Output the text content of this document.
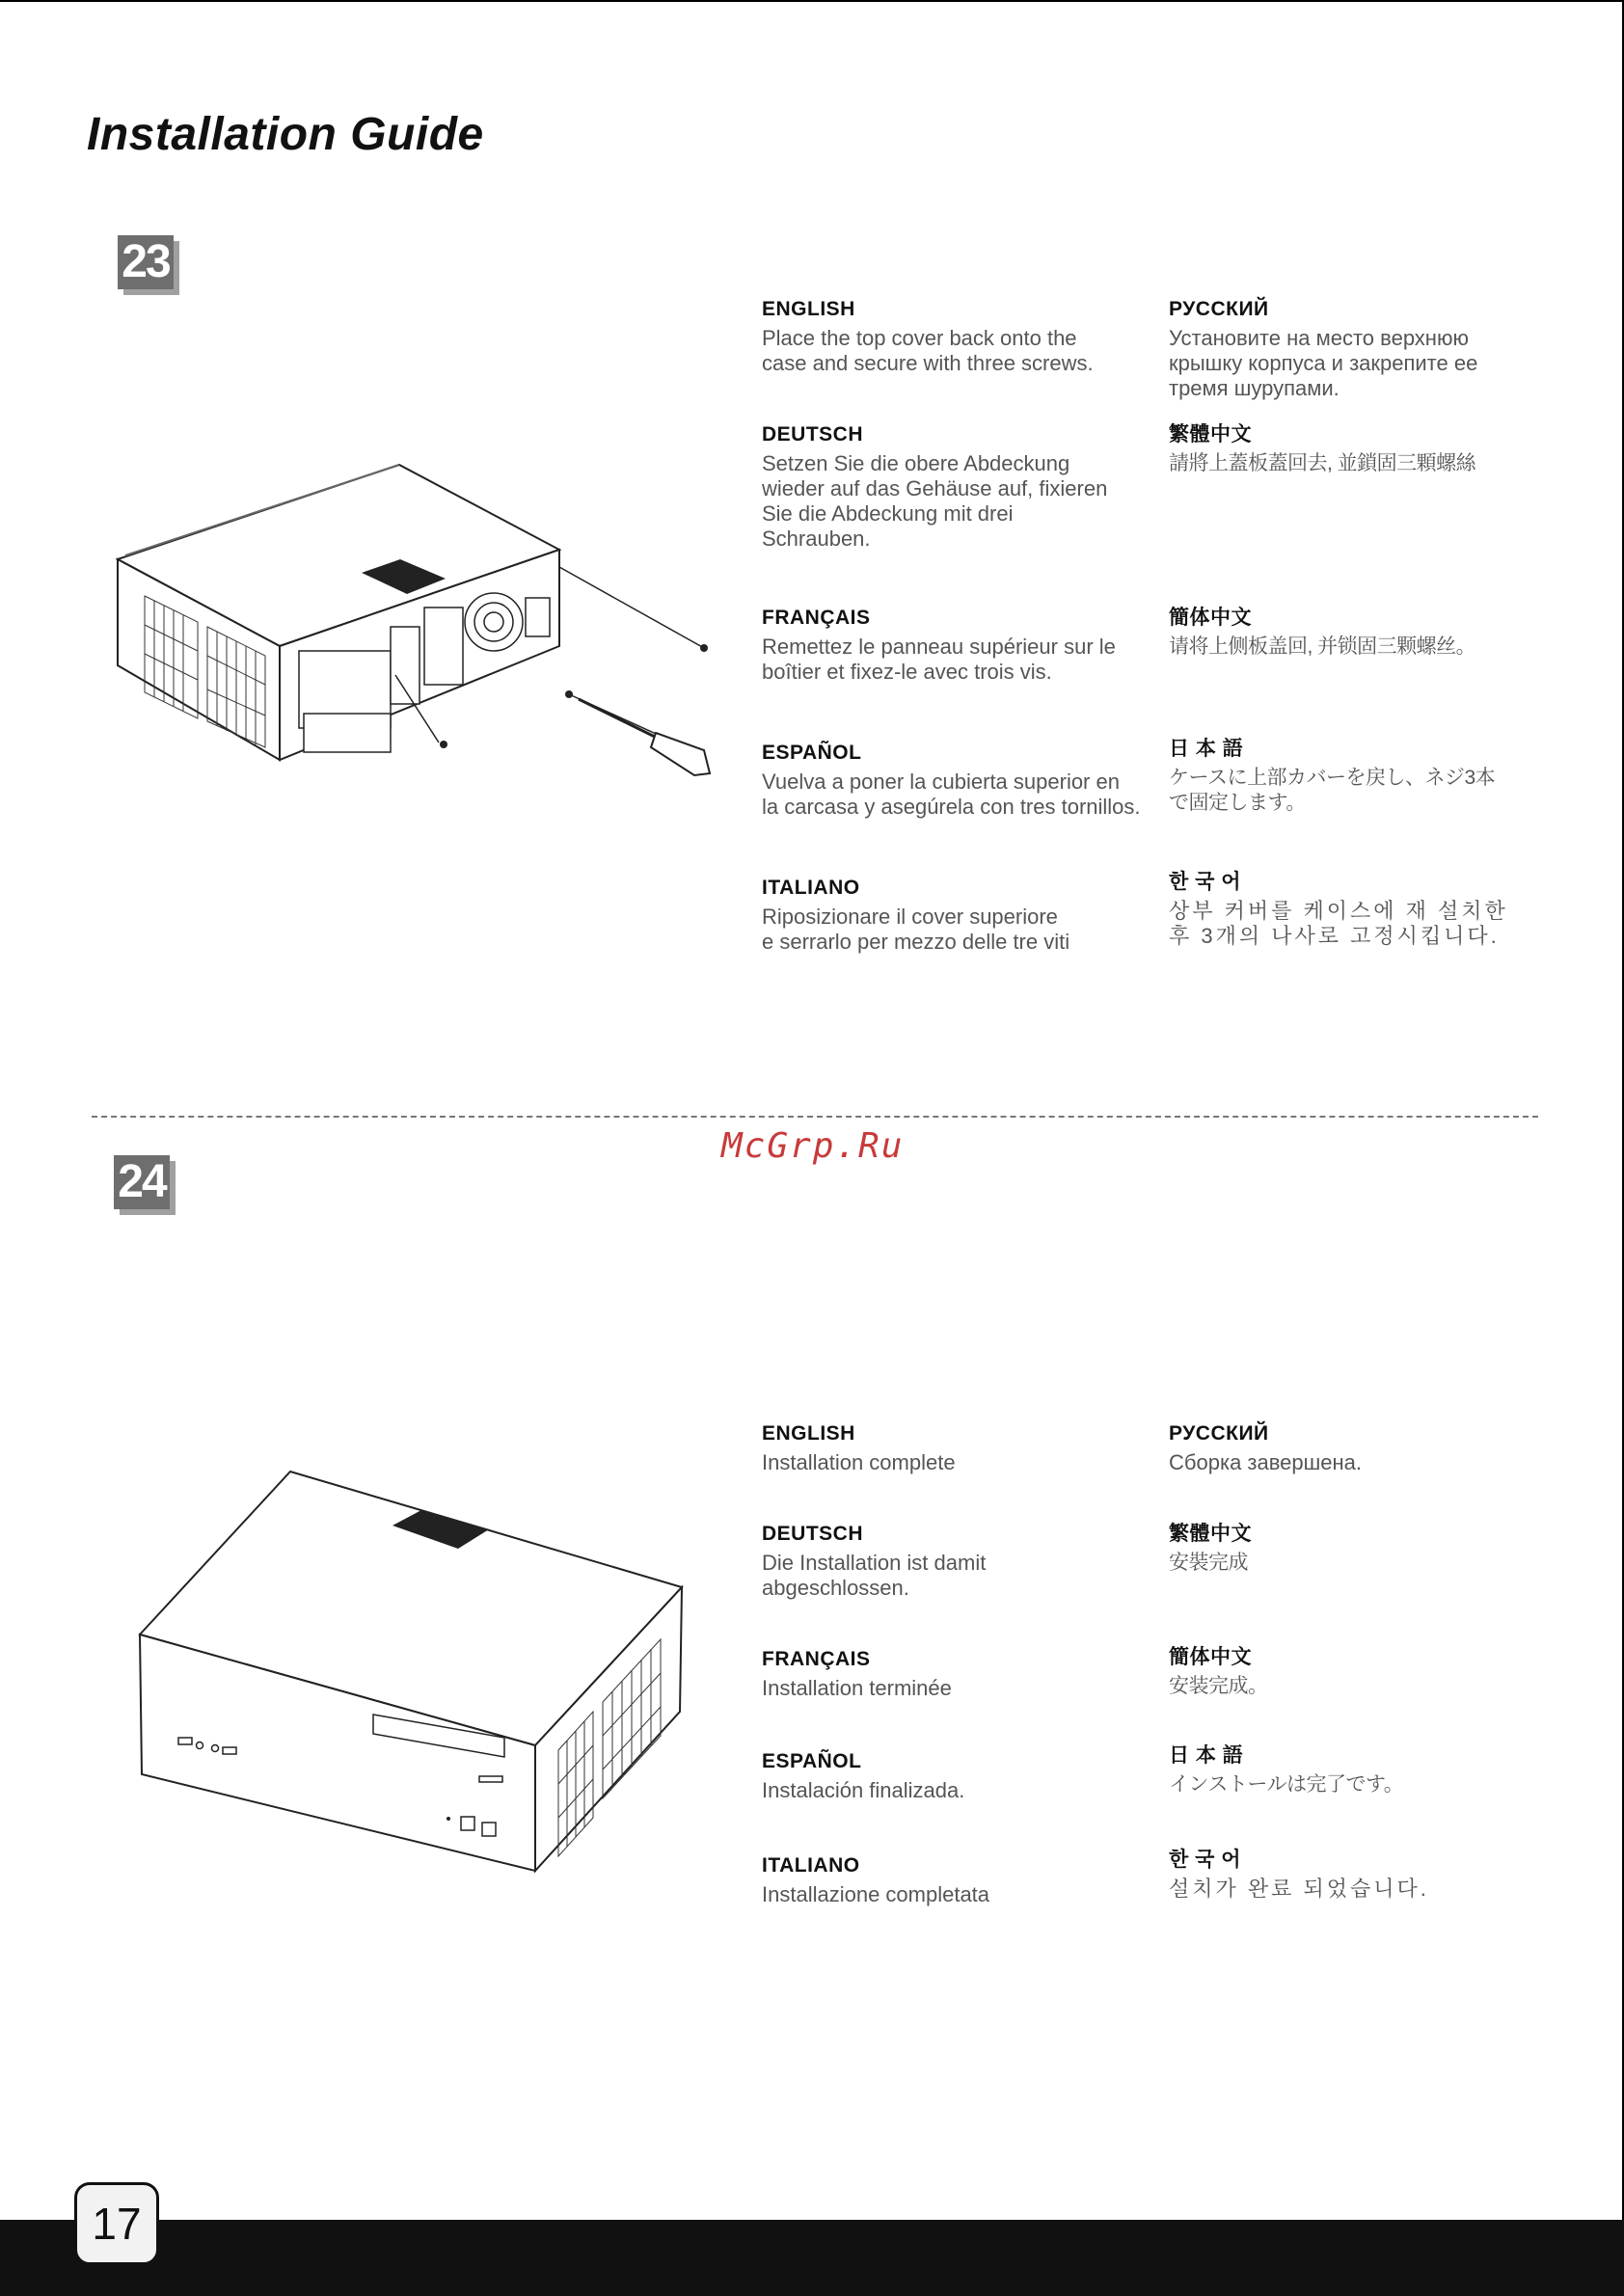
Installation Guide
23

ENGLISH

Place the top cover back onto the

case and secure with three screws.

DEUTSCH

Setzen Sie die obere Abdeckung

wieder auf das Gehäuse auf, fixieren

Sie die Abdeckung mit drei

Schrauben.

FRANÇAIS

Remettez le panneau supérieur sur le

boîtier et fixez-le avec trois vis.

ESPAÑOL

Vuelva a poner la cubierta superior en

la carcasa y asegúrela con tres tornillos.

ITALIANO

Riposizionare il cover superiore

e serrarlo per mezzo delle tre viti

РУССКИЙ

Установите на место верхнюю

крышку корпуса и закрепите ее

тремя шурупами.

繁體中文

請將上蓋板蓋回去, 並鎖固三顆螺絲

簡体中文

请将上侧板盖回, 并锁固三颗螺丝。

日 本 語

ケースに上部カバーを戻し、ネジ3本

で固定します。

한 국 어

상부 커버를 케이스에 재 설치한

후 3개의 나사로 고정시킵니다.

McGrp.Ru
24

ENGLISH

Installation complete

DEUTSCH

Die Installation ist damit

abgeschlossen.

FRANÇAIS

Installation terminée

ESPAÑOL

Instalación finalizada.

ITALIANO

Installazione completata

РУССКИЙ

Сборка завершена.

繁體中文

安裝完成

簡体中文

安装完成。

日 本 語

インストールは完了です。

한 국 어

설치가 완료 되었습니다.

17
